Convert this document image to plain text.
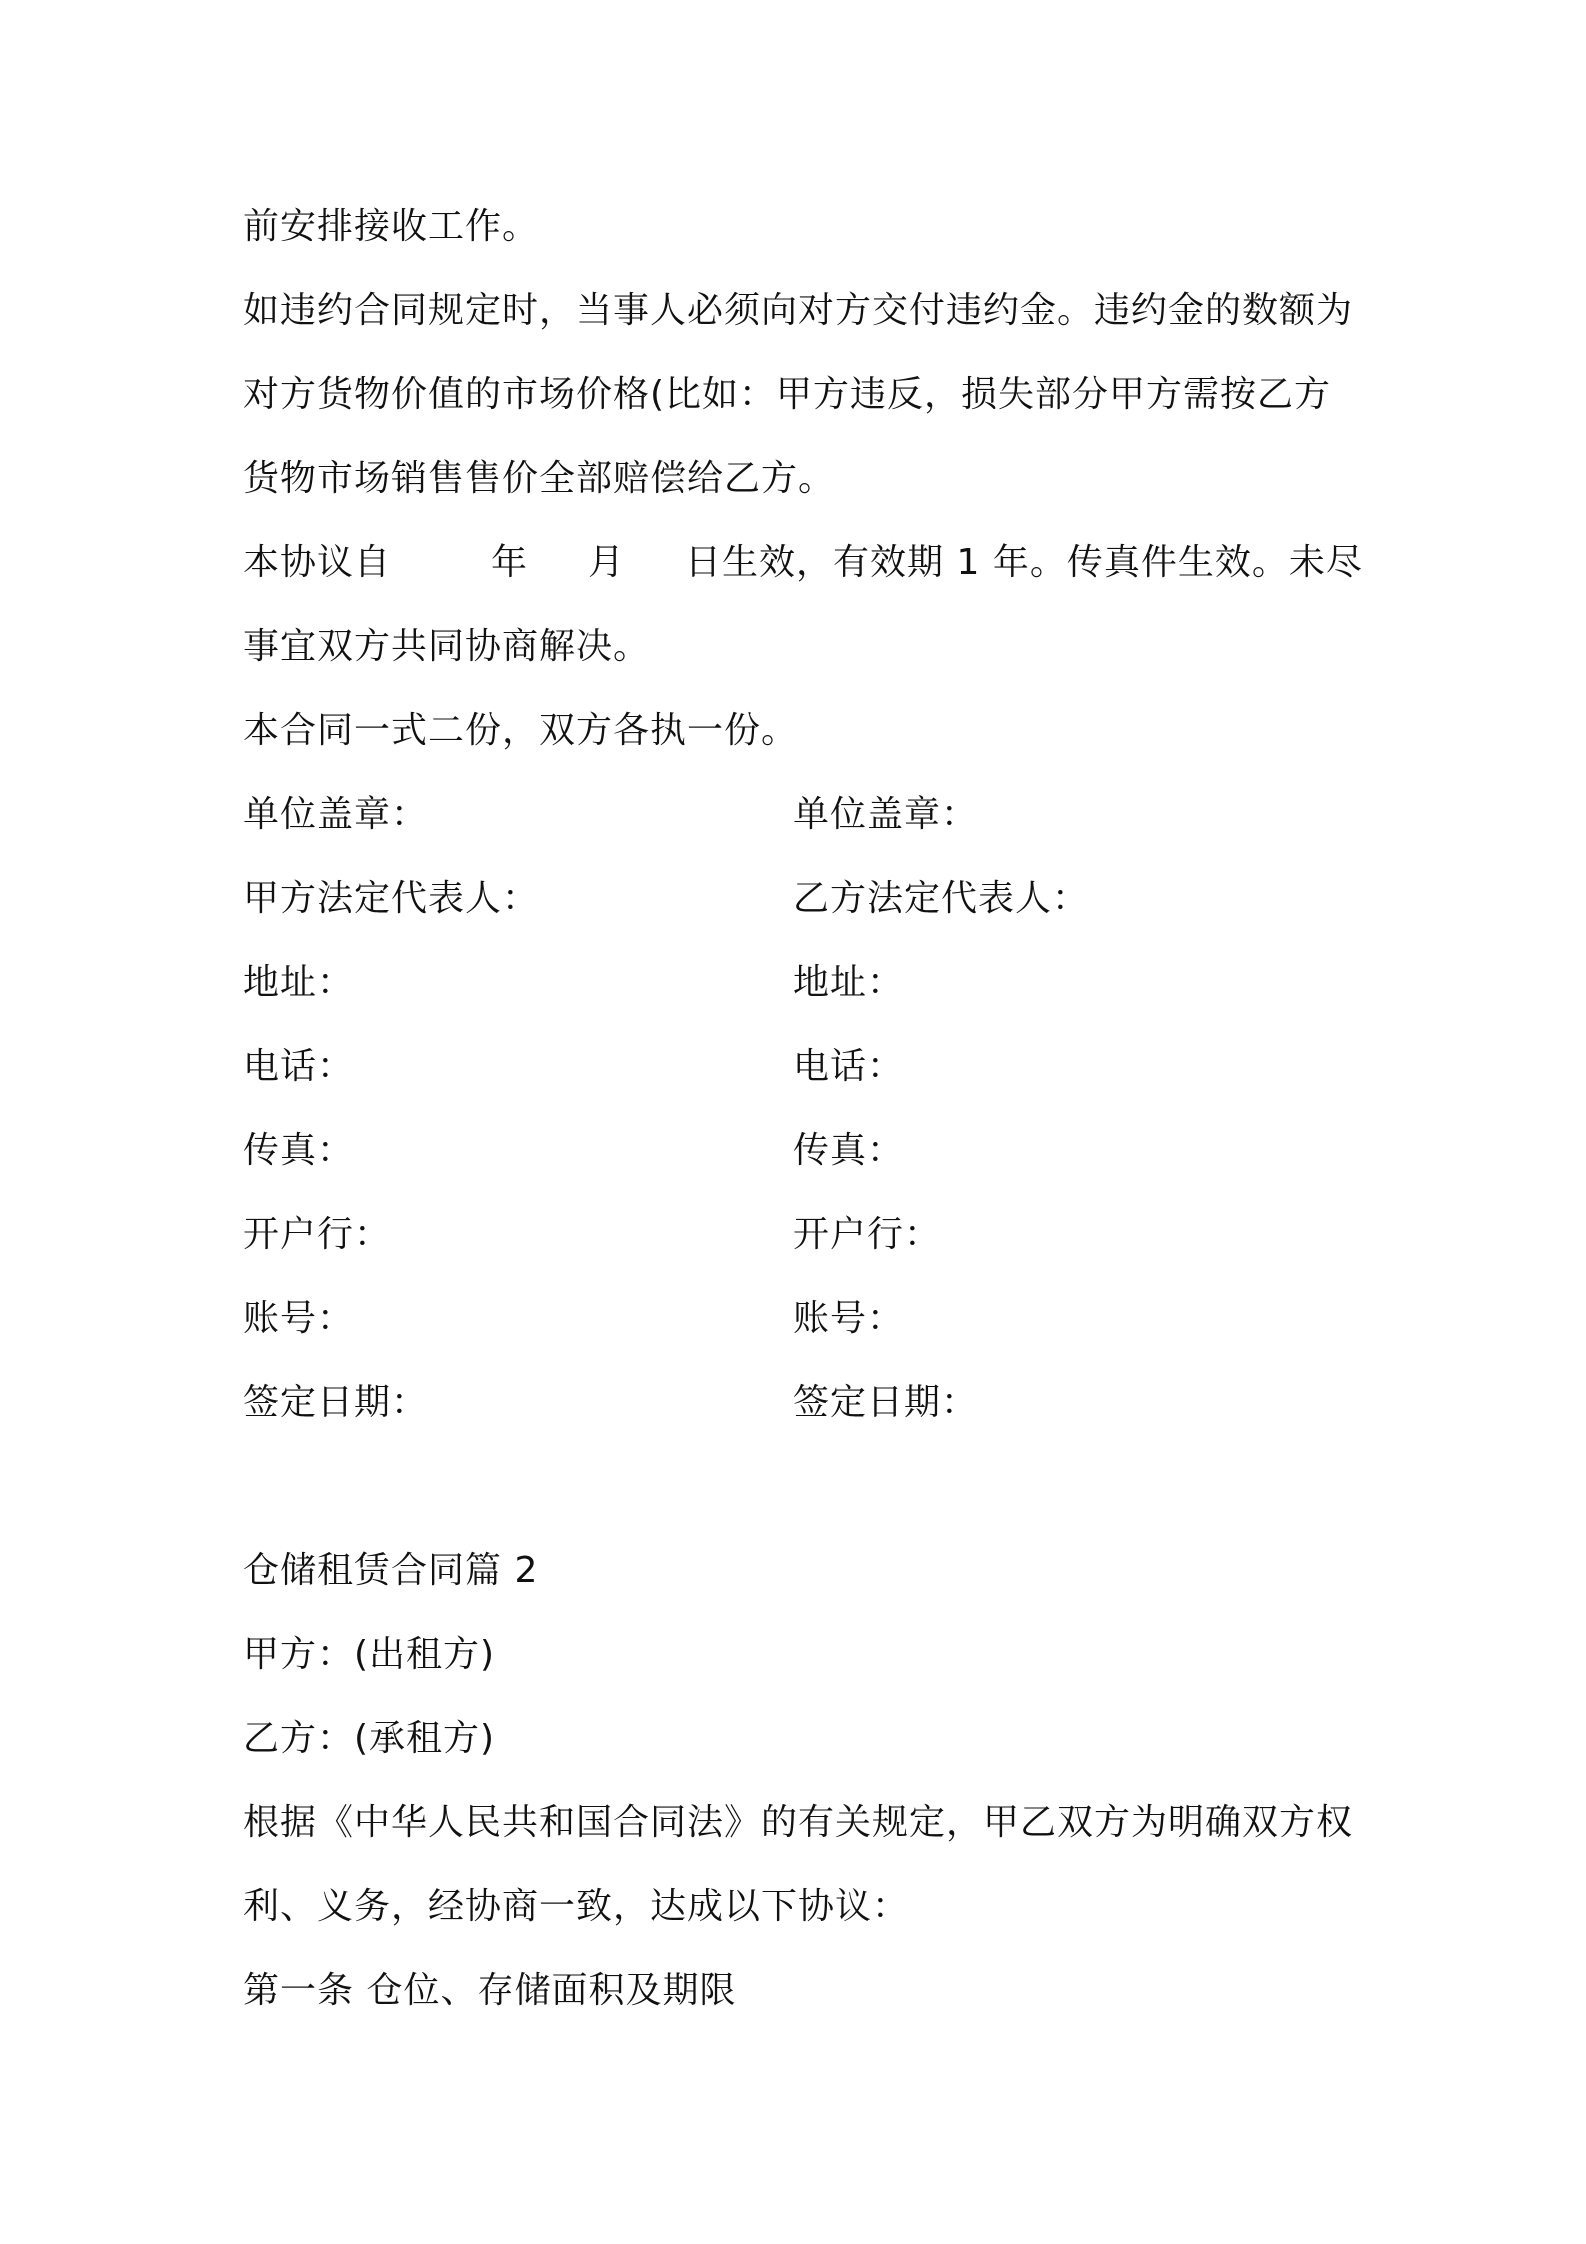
前安排接收工作。
如违约合同规定时，当事人必须向对方交付违约金。违约金的数额为
对方货物价值的市场价格(比如：甲方违反，损失部分甲方需按乙方
货物市场销售售价全部赔偿给乙方。
本协议自	年 月 日生效，有效期 1 年。传真件生效。未尽
事宜双方共同协商解决。
本合同一式二份，双方各执一份。
单位盖章：	单位盖章：
甲方法定代表人：	乙方法定代表人：
地址：	地址：
电话：	电话：
传真：	传真：
开户行：	开户行：
账号：	账号：
签定日期：	签定日期：
仓储租赁合同篇 2
甲方：(出租方)
乙方：(承租方)
根据《中华人民共和国合同法》的有关规定，甲乙双方为明确双方权
利、义务，经协商一致，达成以下协议：
第一条 仓位、存储面积及期限
